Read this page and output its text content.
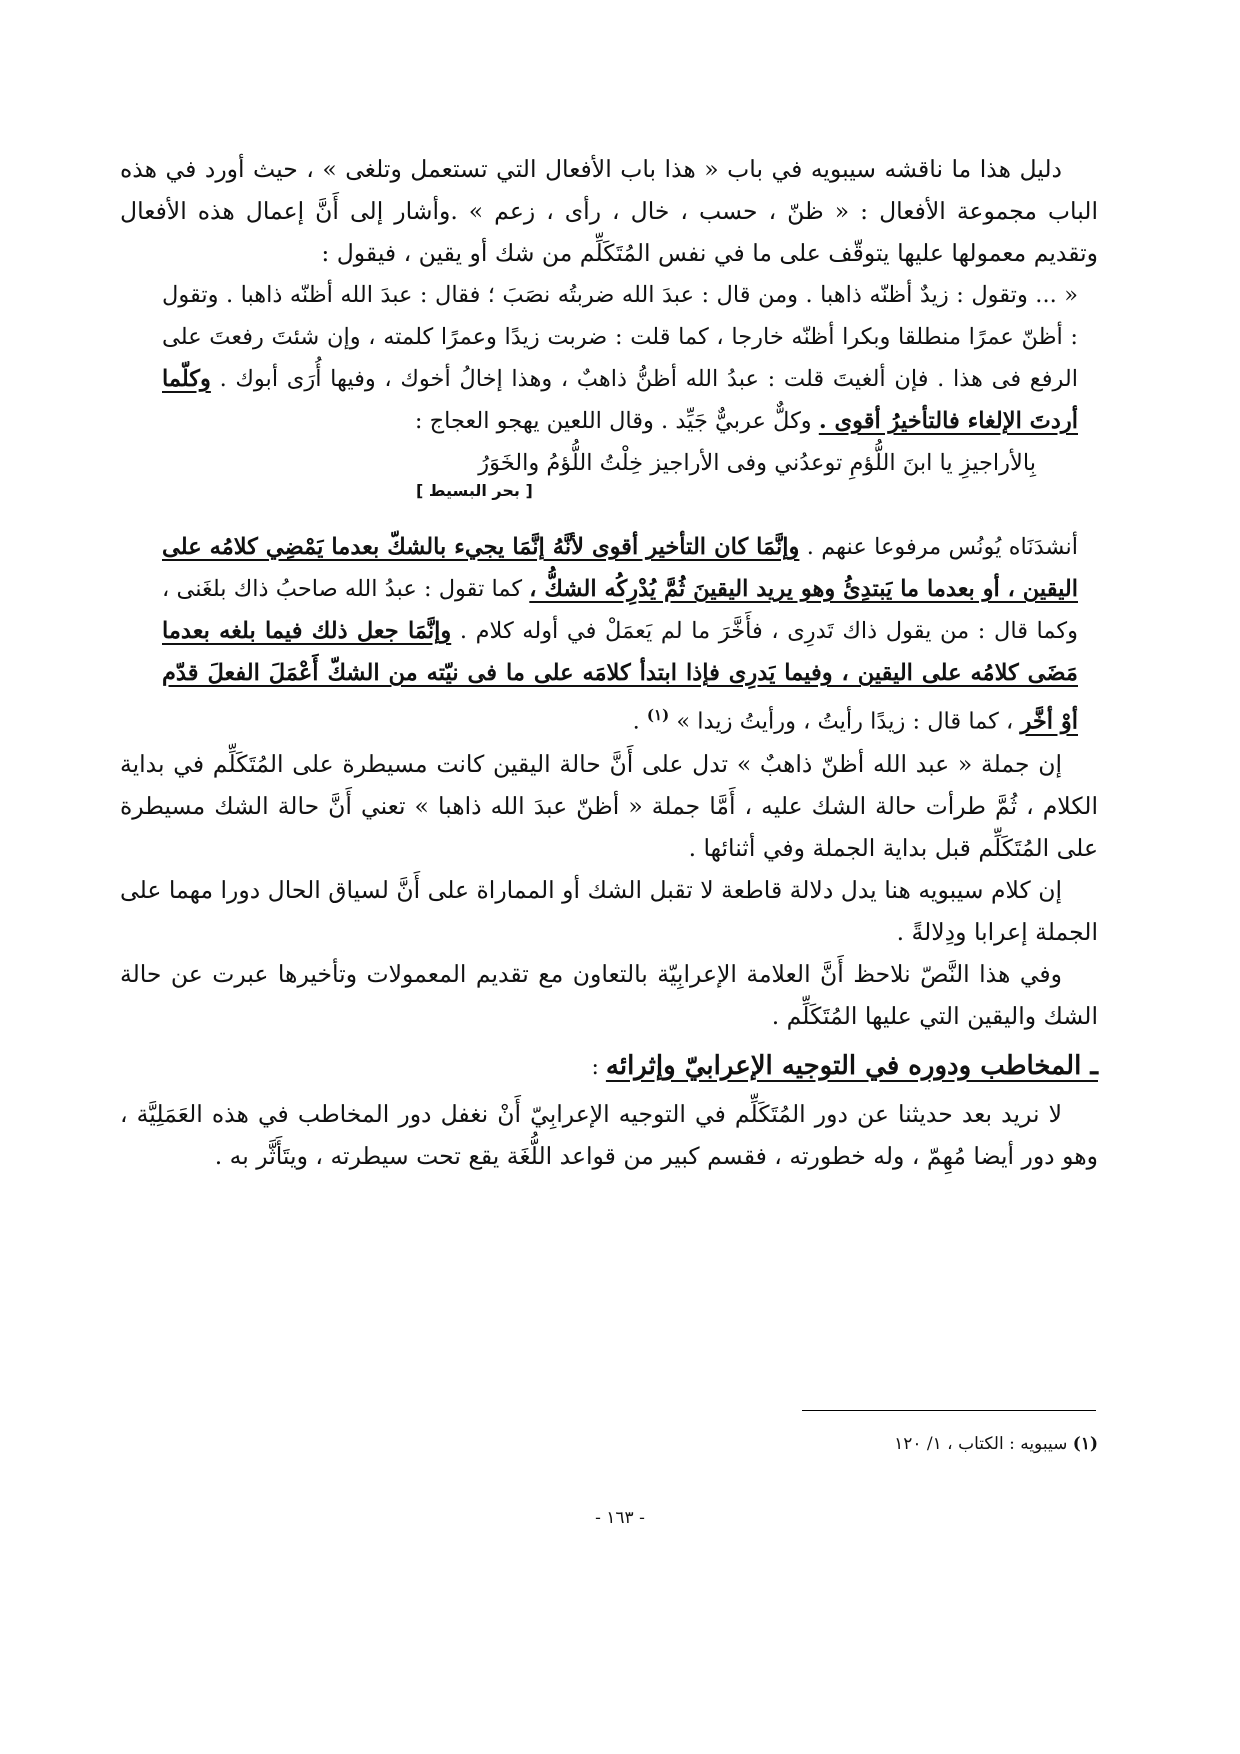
دليل هذا ما ناقشه سيبويه في باب « هذا باب الأفعال التي تستعمل وتلغى » ، حيث أورد في هذه الباب مجموعة الأفعال : « ظنّ ، حسب ، خال ، رأى ، زعم » .وأشار إلى أَنَّ إعمال هذه الأفعال وتقديم معمولها عليها يتوقّف على ما في نفس المُتَكَلِّم من شك أو يقين ، فيقول :

« ... وتقول : زيدٌ أظنّه ذاهبا . ومن قال : عبدَ الله ضربتُه نصَبَ ؛ فقال : عبدَ الله أظنّه ذاهبا . وتقول : أظنّ عمرًا منطلقا وبكرا أظنّه خارجا ، كما قلت : ضربت زيدًا وعمرًا كلمته ، وإن شئتَ رفعتَ على الرفع فى هذا . فإن ألغيتَ قلت : عبدُ الله أظنُّ ذاهبٌ ، وهذا إخالُ أخوك ، وفيها أُرَى أبوك . وكلّما أردتَ الإلغاء فالتأخيرُ أقوى . وكلٌّ عربيٌّ جَيِّد . وقال اللعين يهجو العجاج :

بِالأراجيزِ يا ابنَ اللُّؤمِ توعدُني وفى الأراجيز خِلْتُ اللُّؤمُ والخَوَرُ
[ بحر البسيط ]

أنشدَنَاه يُونُس مرفوعا عنهم . وإنَّمَا كان التأخير أقوى لأنَّهُ إنَّمَا يجيء بالشكّ بعدما يَمْضِي كلامُه على اليقين ، أو بعدما ما يَبتدِئُ وهو يريد اليقينَ ثُمَّ يُدْرِكُه الشكُّ ، كما تقول : عبدُ الله صاحبُ ذاك بلغَنى ، وكما قال : من يقول ذاك تَدرِى ، فأَخَّرَ ما لم يَعمَلْ في أوله كلام . وإنَّمَا جعل ذلك فيما بلغه بعدما مَضَى كلامُه على اليقين ، وفيما يَدرِى فإذا ابتدأ كلامَه على ما فى نيّته من الشكّ أَعْمَلَ الفعلَ قدّم أوْ أخَّر ، كما قال : زيدًا رأيتُ ، ورأيتُ زيدا » $^{(١)}$ .

إن جملة « عبد الله أظنّ ذاهبٌ » تدل على أَنَّ حالة اليقين كانت مسيطرة على المُتَكَلِّم في بداية الكلام ، ثُمَّ طرأت حالة الشك عليه ، أَمَّا جملة « أظنّ عبدَ الله ذاهبا » تعني أَنَّ حالة الشك مسيطرة على المُتَكَلِّم قبل بداية الجملة وفي أثنائها .

إن كلام سيبويه هنا يدل دلالة قاطعة لا تقبل الشك أو المماراة على أَنَّ لسياق الحال دورا مهما على الجملة إعرابا ودِلالةً .

وفي هذا النَّصّ نلاحظ أَنَّ العلامة الإعرابِيّة بالتعاون مع تقديم المعمولات وتأخيرها عبرت عن حالة الشك واليقين التي عليها المُتَكَلِّم .

ـ المخاطب ودوره في التوجيه الإعرابيّ وإثرائه :

لا نريد بعد حديثنا عن دور المُتَكَلِّم في التوجيه الإعرابِيّ أَنْ نغفل دور المخاطب في هذه العَمَلِيَّة ، وهو دور أيضا مُهِمّ ، وله خطورته ، فقسم كبير من قواعد اللُّغَة يقع تحت سيطرته ، ويتَأَثَّر به .

(١) سيبويه : الكتاب ، ١/ ١٢٠
- ١٦٣ -
